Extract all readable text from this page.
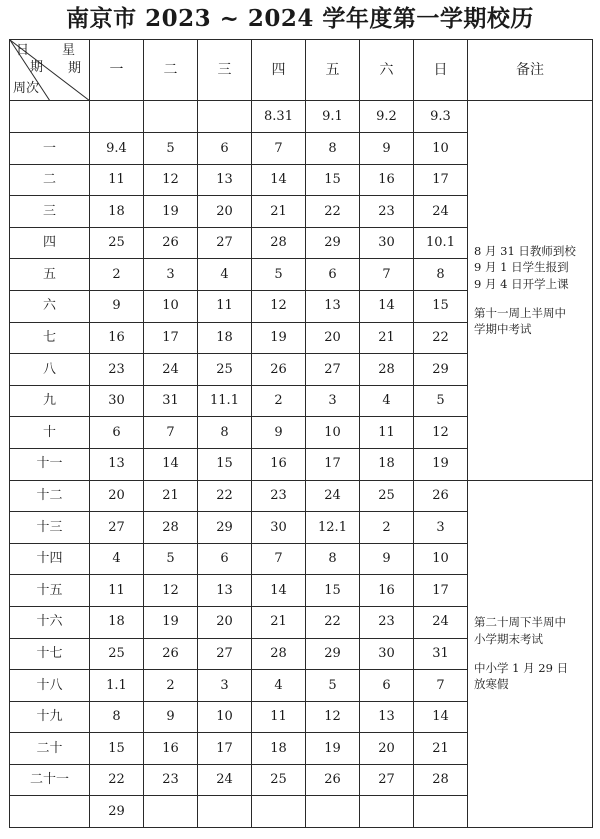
南京市 2023 ~ 2024 学年度第一学期校历
日
期
星
期
周次	一	二	三	四	五	六	日	备注
				8.31	9.1	9.2	9.3	8 月 31 日教师到校
9 月 1 日学生报到
9 月 4 日开学上课
第十一周上半周中
学期中考试

一	9.4	5	6	7	8	9	10	
二	11	12	13	14	15	16	17	
三	18	19	20	21	22	23	24	
四	25	26	27	28	29	30	10.1	
五	2	3	4	5	6	7	8	
六	9	10	11	12	13	14	15	
七	16	17	18	19	20	21	22	
八	23	24	25	26	27	28	29	
九	30	31	11.1	2	3	4	5	
十	6	7	8	9	10	11	12	
十一	13	14	15	16	17	18	19	
十二	20	21	22	23	24	25	26	第二十周下半周中
小学期末考试
中小学 1 月 29 日
放寒假

十三	27	28	29	30	12.1	2	3	
十四	4	5	6	7	8	9	10	
十五	11	12	13	14	15	16	17	
十六	18	19	20	21	22	23	24	
十七	25	26	27	28	29	30	31	
十八	1.1	2	3	4	5	6	7	
十九	8	9	10	11	12	13	14	
二十	15	16	17	18	19	20	21	
二十一	22	23	24	25	26	27	28	
	29							
